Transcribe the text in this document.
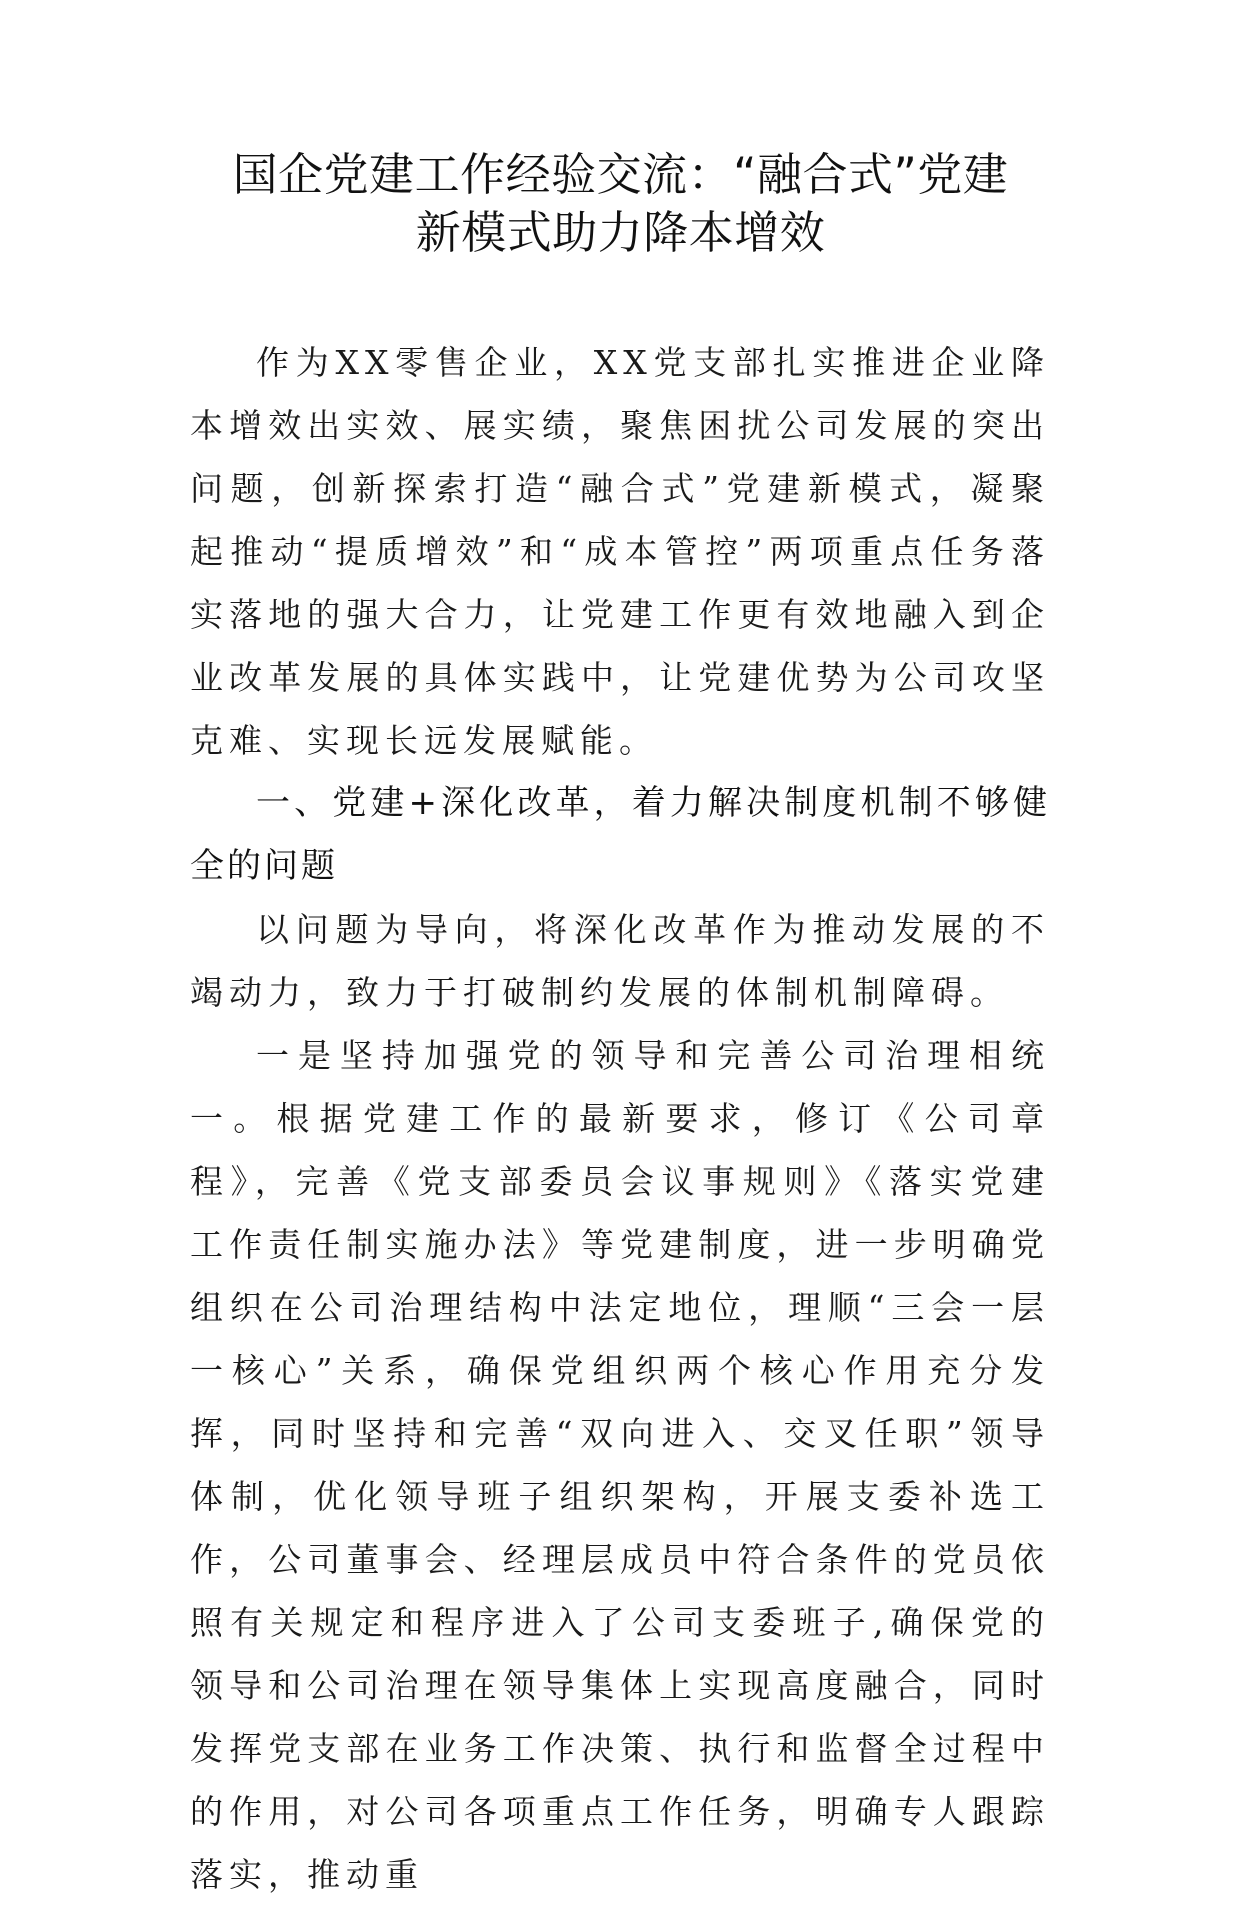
国企党建工作经验交流：“融合式”党建
新模式助力降本增效

作为XX零售企业，XX党支部扎实推进企业降本增效出实效、展实绩，聚焦困扰公司发展的突出问题，创新探索打造“融合式”党建新模式，凝聚起推动“提质增效”和“成本管控”两项重点任务落实落地的强大合力，让党建工作更有效地融入到企业改革发展的具体实践中，让党建优势为公司攻坚克难、实现长远发展赋能。

一、党建+深化改革，着力解决制度机制不够健全的问题

以问题为导向，将深化改革作为推动发展的不竭动力，致力于打破制约发展的体制机制障碍。

一是坚持加强党的领导和完善公司治理相统一。根据党建工作的最新要求，修订《公司章程》，完善《党支部委员会议事规则》《落实党建工作责任制实施办法》等党建制度，进一步明确党组织在公司治理结构中法定地位，理顺“三会一层一核心”关系，确保党组织两个核心作用充分发挥，同时坚持和完善“双向进入、交叉任职”领导体制，优化领导班子组织架构，开展支委补选工作，公司董事会、经理层成员中符合条件的党员依照有关规定和程序进入了公司支委班子,确保党的领导和公司治理在领导集体上实现高度融合，同时发挥党支部在业务工作决策、执行和监督全过程中的作用，对公司各项重点工作任务，明确专人跟踪落实，推动重
